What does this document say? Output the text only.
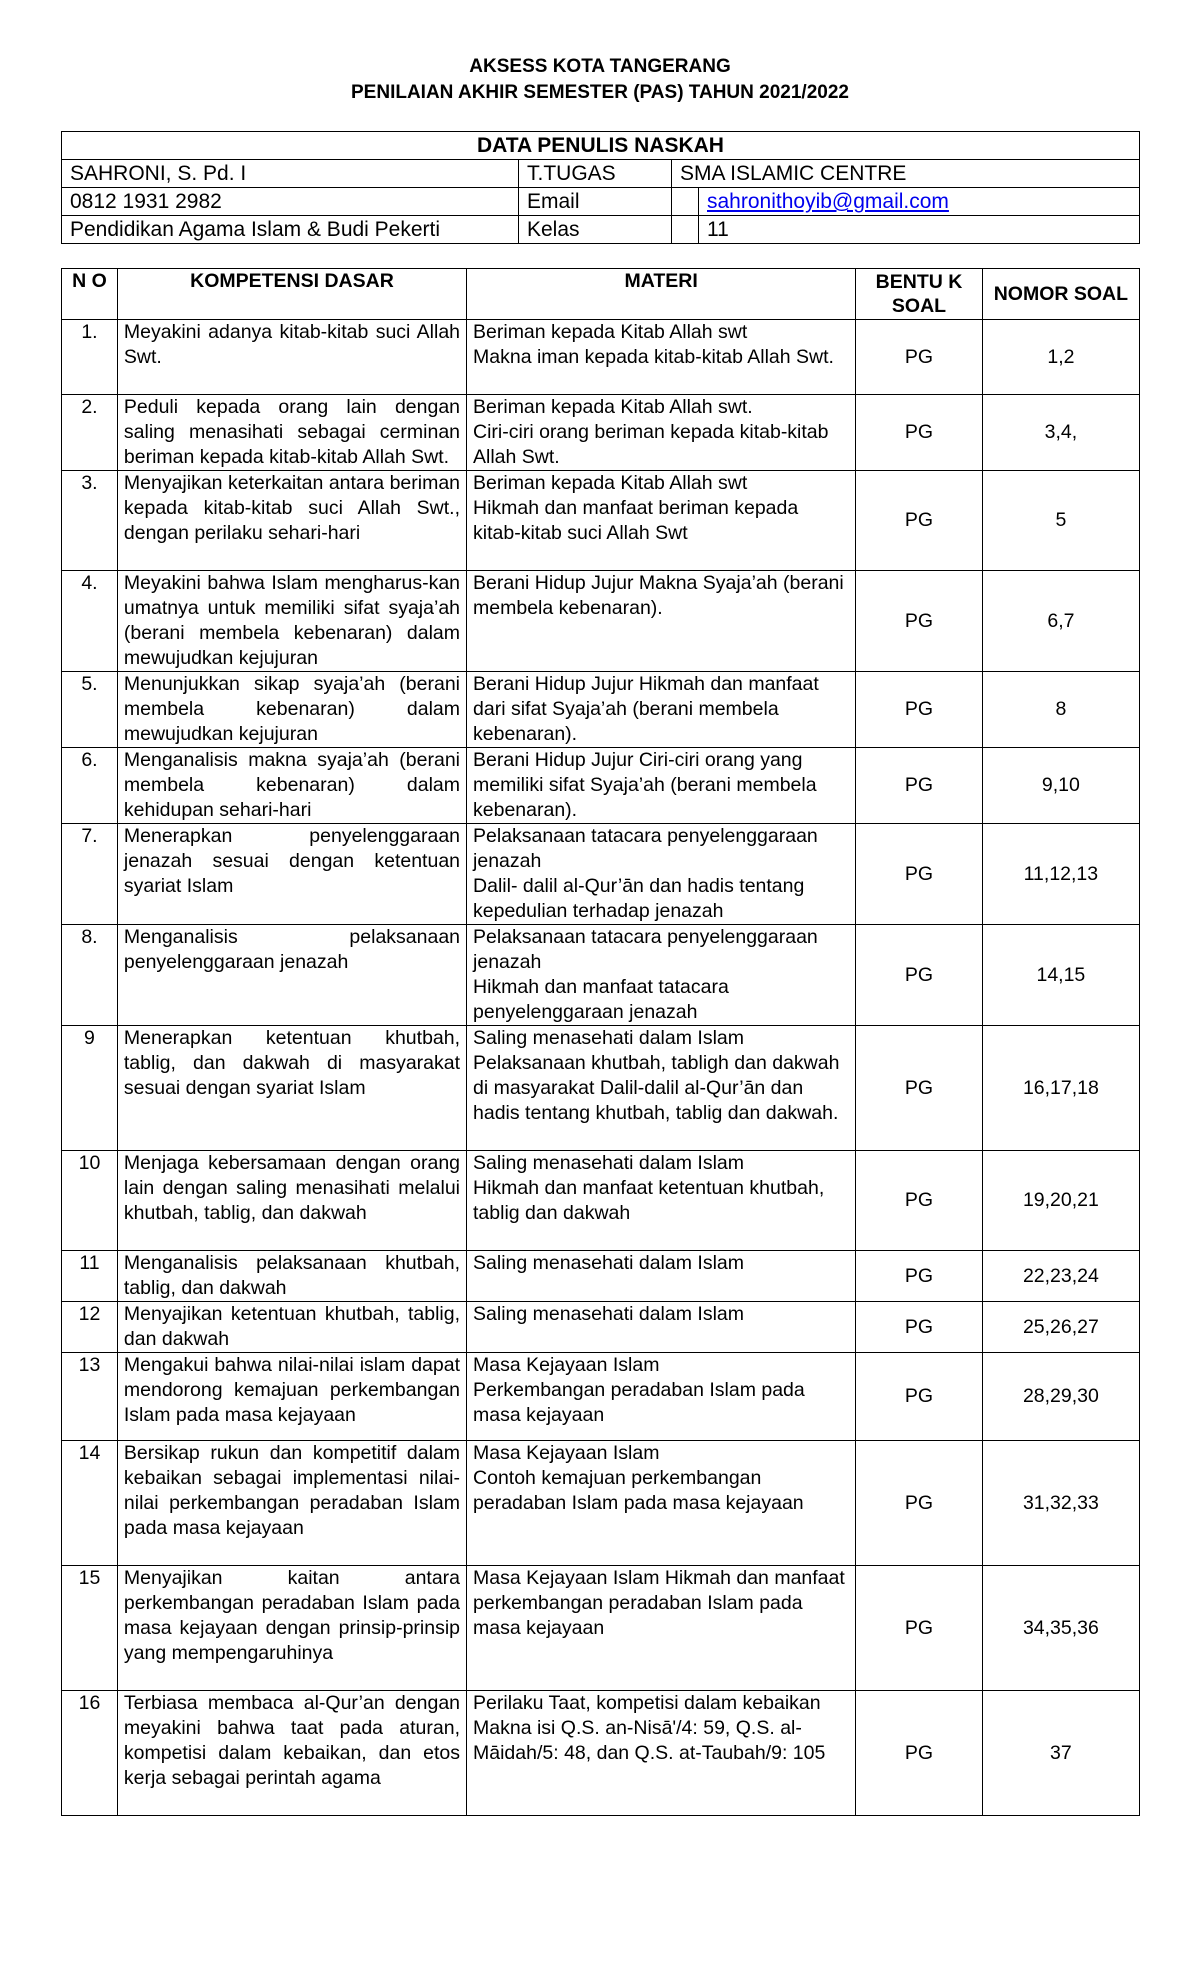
AKSESS KOTA TANGERANG
PENILAIAN AKHIR SEMESTER (PAS) TAHUN 2021/2022
DATA PENULIS NASKAH			
SAHRONI, S. Pd. I	T.TUGAS	SMA ISLAMIC CENTRE	
0812 1931 2982	Email		sahronithoyib@gmail.com
Pendidikan Agama Islam & Budi Pekerti	Kelas		11
N O	KOMPETENSI DASAR	MATERI	BENTU K SOAL	NOMOR SOAL
1.	Meyakini adanya kitab-kitab suci Allah Swt.	Beriman kepada Kitab Allah swt
Makna iman kepada kitab-kitab Allah Swt.	PG	1,2
2.	Peduli kepada orang lain dengan saling menasihati sebagai cerminan beriman kepada kitab-kitab Allah Swt.	Beriman kepada Kitab Allah swt.
Ciri-ciri orang beriman kepada kitab-kitab Allah Swt.	PG	3,4,
3.	Menyajikan keterkaitan antara beriman kepada kitab-kitab suci Allah Swt., dengan perilaku sehari-hari	Beriman kepada Kitab Allah swt
Hikmah dan manfaat beriman kepada kitab-kitab suci Allah Swt	PG	5
4.	Meyakini bahwa Islam mengharus-kan umatnya untuk memiliki sifat syaja’ah (berani membela kebenaran) dalam mewujudkan kejujuran	Berani Hidup Jujur Makna Syaja’ah (berani membela kebenaran).	PG	6,7
5.	Menunjukkan sikap syaja’ah (berani membela kebenaran) dalam mewujudkan kejujuran	Berani Hidup Jujur Hikmah dan manfaat dari sifat Syaja’ah (berani membela kebenaran).	PG	8
6.	Menganalisis makna syaja’ah (berani membela kebenaran) dalam kehidupan sehari-hari	Berani Hidup Jujur Ciri-ciri orang yang memiliki sifat Syaja’ah (berani membela kebenaran).	PG	9,10
7.	Menerapkan penyelenggaraan jenazah sesuai dengan ketentuan syariat Islam	Pelaksanaan tatacara penyelenggaraan jenazah
Dalil- dalil al-Qur’ān dan hadis tentang kepedulian terhadap jenazah	PG	11,12,13
8.	Menganalisis pelaksanaan penyelenggaraan jenazah	Pelaksanaan tatacara penyelenggaraan jenazah
Hikmah dan manfaat tatacara penyelenggaraan jenazah	PG	14,15
9	Menerapkan ketentuan khutbah, tablig, dan dakwah di masyarakat sesuai dengan syariat Islam	Saling menasehati dalam Islam
Pelaksanaan khutbah, tabligh dan dakwah di masyarakat Dalil-dalil al-Qur’ān dan hadis tentang khutbah, tablig dan dakwah.	PG	16,17,18
10	Menjaga kebersamaan dengan orang lain dengan saling menasihati melalui khutbah, tablig, dan dakwah	Saling menasehati dalam Islam
Hikmah dan manfaat ketentuan khutbah, tablig dan dakwah	PG	19,20,21
11	Menganalisis pelaksanaan khutbah, tablig, dan dakwah	Saling menasehati dalam Islam	PG	22,23,24
12	Menyajikan ketentuan khutbah, tablig, dan dakwah	Saling menasehati dalam Islam	PG	25,26,27
13	Mengakui bahwa nilai-nilai islam dapat mendorong kemajuan perkembangan Islam pada masa kejayaan	Masa Kejayaan Islam
Perkembangan peradaban Islam pada masa kejayaan	PG	28,29,30
14	Bersikap rukun dan kompetitif dalam kebaikan sebagai implementasi nilai-nilai perkembangan peradaban Islam pada masa kejayaan	Masa Kejayaan Islam
Contoh kemajuan perkembangan peradaban Islam pada masa kejayaan	PG	31,32,33
15	Menyajikan kaitan antara perkembangan peradaban Islam pada masa kejayaan dengan prinsip-prinsip yang mempengaruhinya	Masa Kejayaan Islam Hikmah dan manfaat perkembangan peradaban Islam pada masa kejayaan	PG	34,35,36
16	Terbiasa membaca al-Qur’an dengan meyakini bahwa taat pada aturan, kompetisi dalam kebaikan, dan etos kerja sebagai perintah agama	Perilaku Taat, kompetisi dalam kebaikan Makna isi Q.S. an-Nisā'/4: 59, Q.S. al-Māidah/5: 48, dan Q.S. at-Taubah/9: 105	PG	37
